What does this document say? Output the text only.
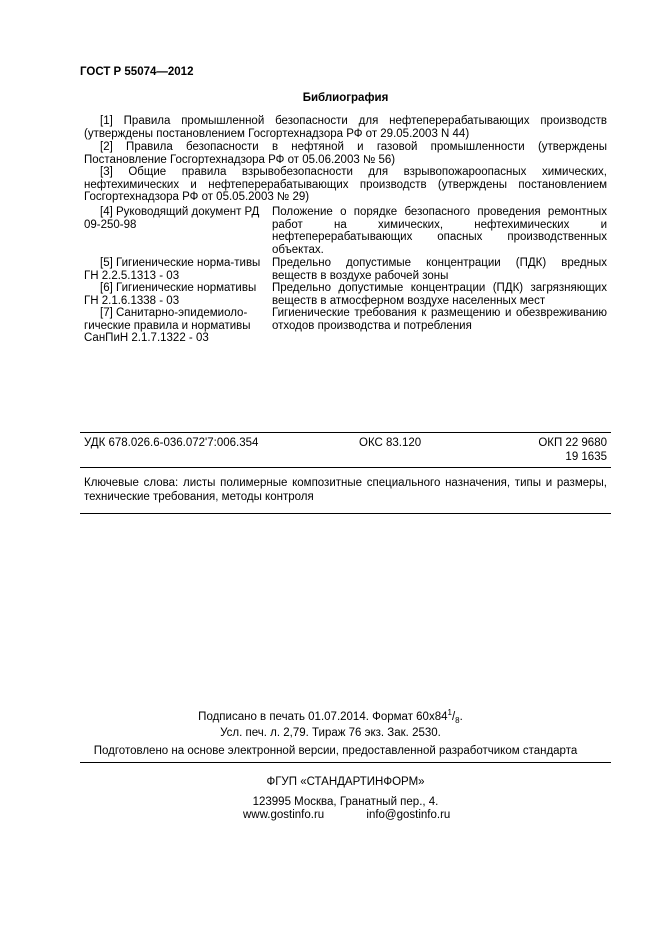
ГОСТ Р 55074—2012
Библиография
[1] Правила промышленной безопасности для нефтеперерабатывающих производств (утверждены постановлением Госгортехнадзора РФ от 29.05.2003 N 44)
[2] Правила безопасности в нефтяной и газовой промышленности (утверждены Постановление Госгортехнадзора РФ от 05.06.2003 № 56)
[3] Общие правила взрывобезопасности для взрывопожароопасных химических, нефтехимических и нефтеперерабатывающих производств (утверждены постановлением Госгортехнадзора РФ от 05.05.2003 № 29)
[4] Руководящий документ РД 09-250-98
Положение о порядке безопасного проведения ремонтных работ на химических, нефтехимических и нефтеперерабатывающих опасных производственных объектах.
[5] Гигиенические норма-тивы ГН 2.2.5.1313 - 03
Предельно допустимые концентрации (ПДК) вредных веществ в воздухе рабочей зоны
[6] Гигиенические нормативы ГН 2.1.6.1338 - 03
Предельно допустимые концентрации (ПДК) загрязняющих веществ в атмосферном воздухе населенных мест
[7] Санитарно-эпидемиоло-гические правила и нормативы СанПиН 2.1.7.1322 - 03
Гигиенические требования к размещению и обезвреживанию отходов производства и потребления
УДК 678.026.6-036.072'7:006.354	ОКС 83.120	ОКП 22 9680
19 1635
Ключевые слова: листы полимерные композитные специального назначения, типы и размеры, технические требования, методы контроля
Подписано в печать 01.07.2014. Формат $60x84^1/_8$.
Усл. печ. л. 2,79. Тираж 76 экз. Зак. 2530.
Подготовлено на основе электронной версии, предоставленной разработчиком стандарта
ФГУП «СТАНДАРТИНФОРМ»
123995 Москва, Гранатный пер., 4.
www.gostinfo.ru	info@gostinfo.ru
